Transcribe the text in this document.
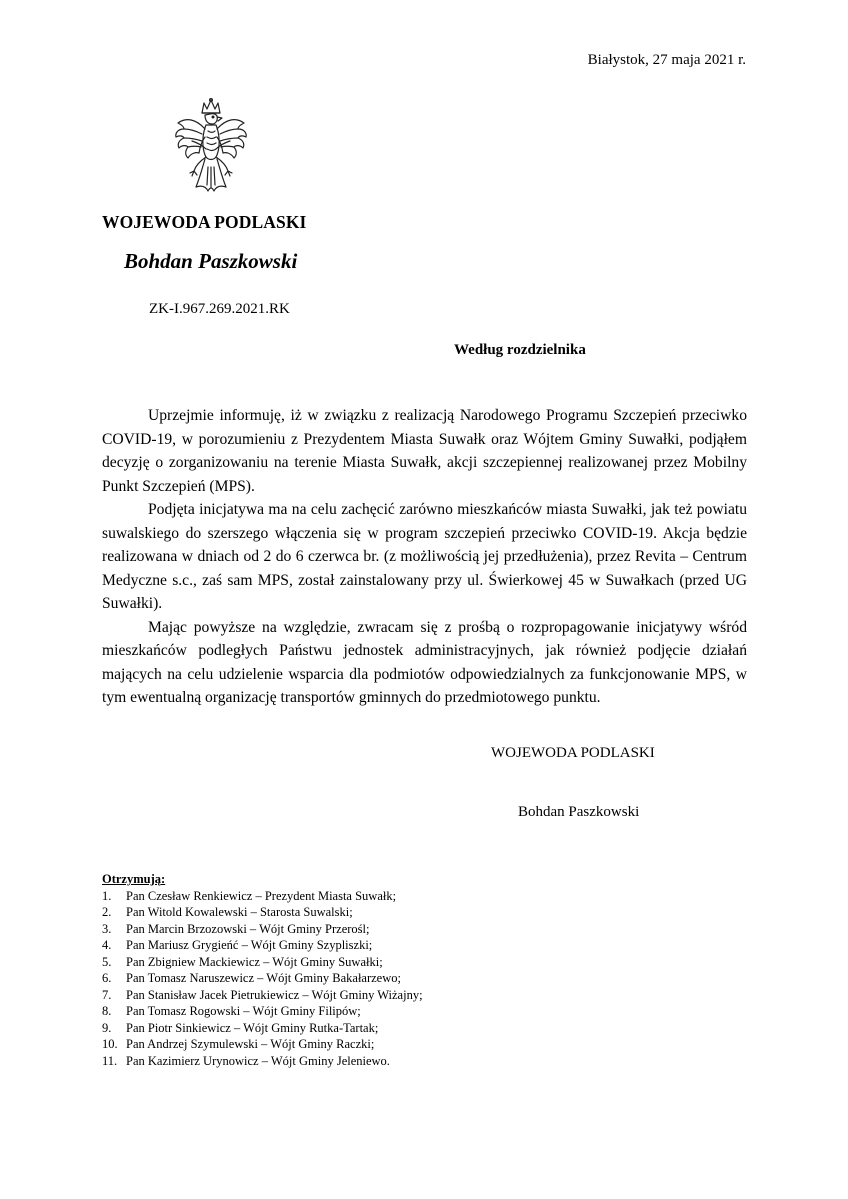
Białystok, 27 maja 2021 r.
WOJEWODA PODLASKI
Bohdan Paszkowski
ZK-I.967.269.2021.RK
Według rozdzielnika

Uprzejmie informuję, iż w związku z realizacją Narodowego Programu Szczepień przeciwko COVID-19, w porozumieniu z Prezydentem Miasta Suwałk oraz Wójtem Gminy Suwałki, podjąłem decyzję o zorganizowaniu na terenie Miasta Suwałk, akcji szczepiennej realizowanej przez Mobilny Punkt Szczepień (MPS).

Podjęta inicjatywa ma na celu zachęcić zarówno mieszkańców miasta Suwałki, jak też powiatu suwalskiego do szerszego włączenia się w program szczepień przeciwko COVID-19. Akcja będzie realizowana w dniach od 2 do 6 czerwca br. (z możliwością jej przedłużenia), przez Revita – Centrum Medyczne s.c., zaś sam MPS, został zainstalowany przy ul. Świerkowej 45 w Suwałkach (przed UG Suwałki).

Mając powyższe na względzie, zwracam się z prośbą o rozpropagowanie inicjatywy wśród mieszkańców podległych Państwu jednostek administracyjnych, jak również podjęcie działań mających na celu udzielenie wsparcia dla podmiotów odpowiedzialnych za funkcjonowanie MPS, w tym ewentualną organizację transportów gminnych do przedmiotowego punktu.

WOJEWODA PODLASKI
Bohdan Paszkowski
Otrzymują:
1.	Pan Czesław Renkiewicz – Prezydent Miasta Suwałk;
2.	Pan Witold Kowalewski – Starosta Suwalski;
3.	Pan Marcin Brzozowski – Wójt Gminy Przerośl;
4.	Pan Mariusz Grygieńć – Wójt Gminy Szypliszki;
5.	Pan Zbigniew Mackiewicz – Wójt Gminy Suwałki;
6.	Pan Tomasz Naruszewicz – Wójt Gminy Bakałarzewo;
7.	Pan Stanisław Jacek Pietrukiewicz – Wójt Gminy Wiżajny;
8.	Pan Tomasz Rogowski – Wójt Gminy Filipów;
9.	Pan Piotr Sinkiewicz – Wójt Gminy Rutka-Tartak;
10. Pan Andrzej Szymulewski – Wójt Gminy Raczki;
11. Pan Kazimierz Urynowicz – Wójt Gminy Jeleniewo.
